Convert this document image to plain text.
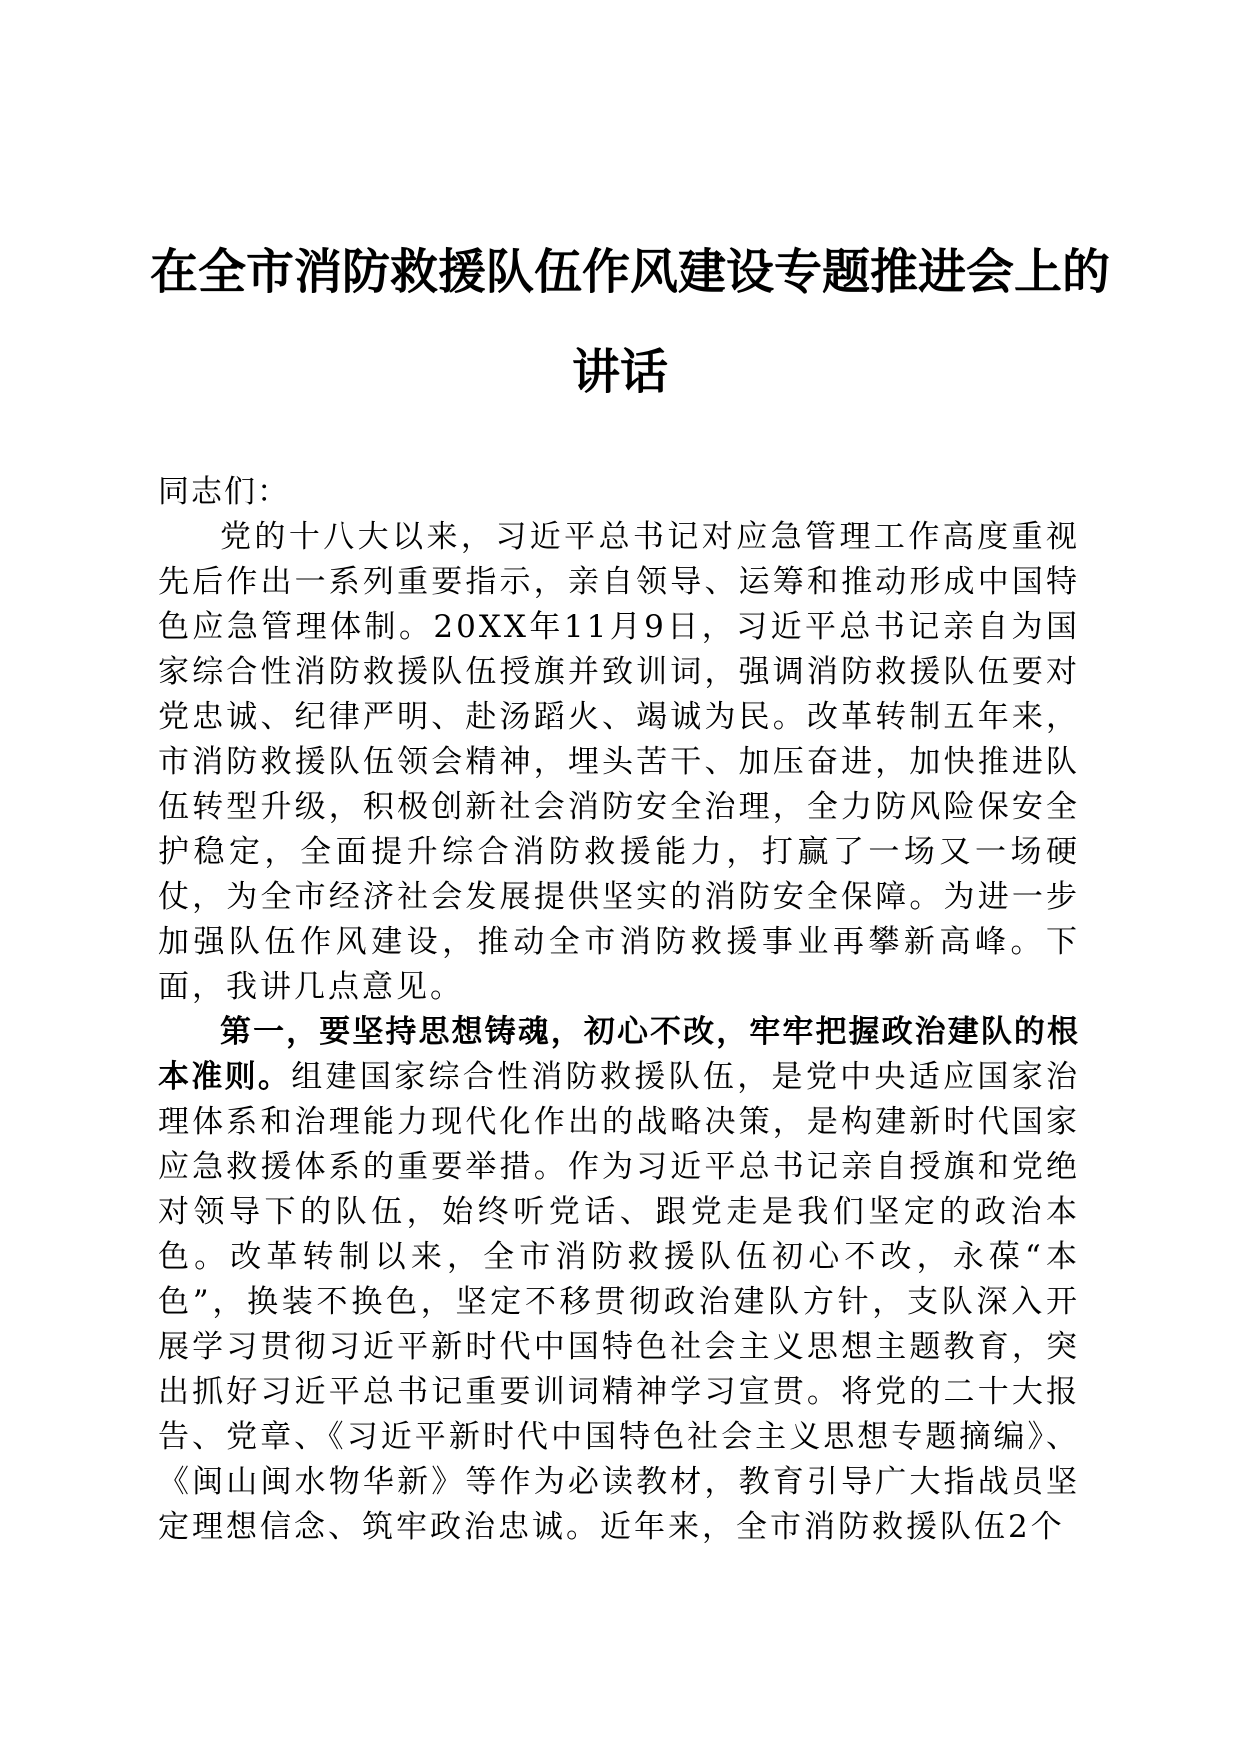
在全市消防救援队伍作风建设专题推进会上的
讲话
同志们：

党的十八大以来，习近平总书记对应急管理工作高度重视先后作出一系列重要指示，亲自领导、运筹和推动形成中国特色应急管理体制。20XX年11月9日，习近平总书记亲自为国家综合性消防救援队伍授旗并致训词，强调消防救援队伍要对党忠诚、纪律严明、赴汤蹈火、竭诚为民。改革转制五年来，市消防救援队伍领会精神，埋头苦干、加压奋进，加快推进队伍转型升级，积极创新社会消防安全治理，全力防风险保安全护稳定，全面提升综合消防救援能力，打赢了一场又一场硬仗，为全市经济社会发展提供坚实的消防安全保障。为进一步加强队伍作风建设，推动全市消防救援事业再攀新高峰。下面，我讲几点意见。

第一，要坚持思想铸魂，初心不改，牢牢把握政治建队的根本准则。组建国家综合性消防救援队伍，是党中央适应国家治理体系和治理能力现代化作出的战略决策，是构建新时代国家应急救援体系的重要举措。作为习近平总书记亲自授旗和党绝对领导下的队伍，始终听党话、跟党走是我们坚定的政治本色。改革转制以来，全市消防救援队伍初心不改，永葆“本色”，换装不换色，坚定不移贯彻政治建队方针，支队深入开展学习贯彻习近平新时代中国特色社会主义思想主题教育，突出抓好习近平总书记重要训词精神学习宣贯。将党的二十大报告、党章、《习近平新时代中国特色社会主义思想专题摘编》、《闽山闽水物华新》等作为必读教材，教育引导广大指战员坚定理想信念、筑牢政治忠诚。近年来，全市消防救援队伍2个
